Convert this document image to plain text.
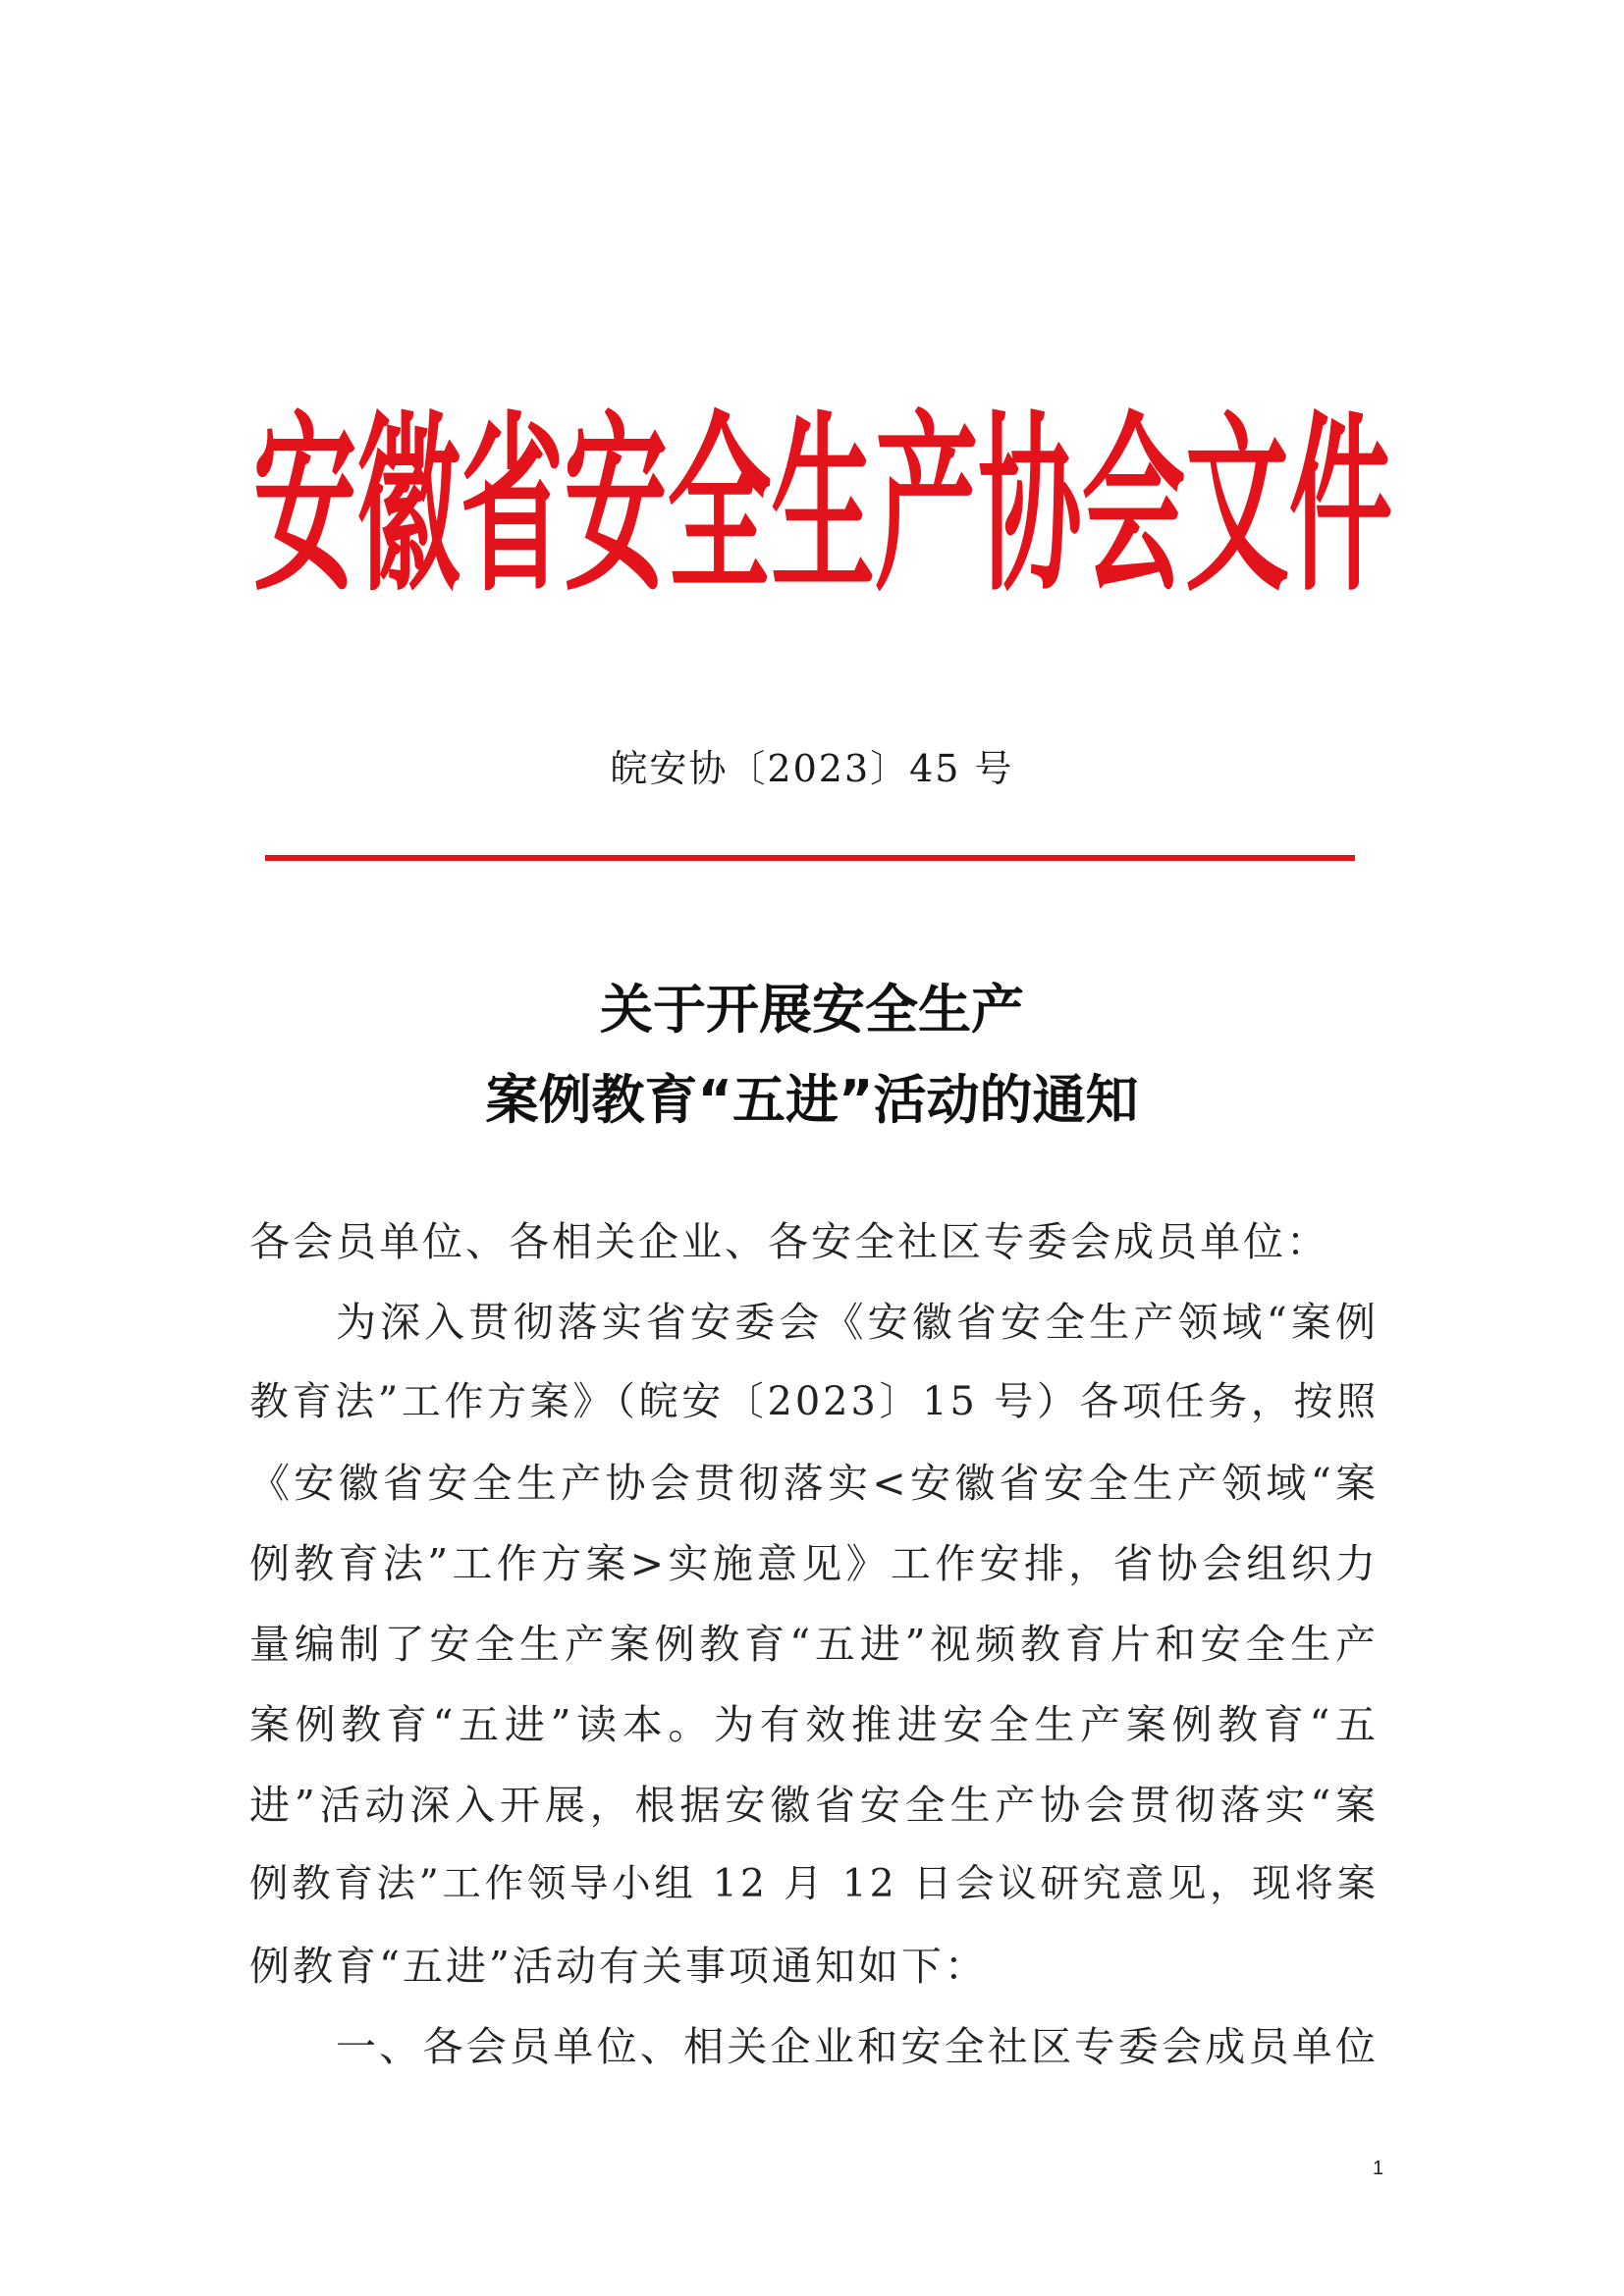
安徽省安全生产协会文件
皖安协〔2023〕45 号
关于开展安全生产
案例教育“五进”活动的通知
各会员单位、各相关企业、各安全社区专委会成员单位：
为深入贯彻落实省安委会《安徽省安全生产领域“案例
教育法”工作方案》（皖安〔2023〕15 号）各项任务，按照
《安徽省安全生产协会贯彻落实<安徽省安全生产领域“案
例教育法”工作方案>实施意见》工作安排，省协会组织力
量编制了安全生产案例教育“五进”视频教育片和安全生产
案例教育“五进”读本。为有效推进安全生产案例教育“五
进”活动深入开展，根据安徽省安全生产协会贯彻落实“案
例教育法”工作领导小组 12 月 12 日会议研究意见，现将案
例教育“五进”活动有关事项通知如下：
一、各会员单位、相关企业和安全社区专委会成员单位
1
